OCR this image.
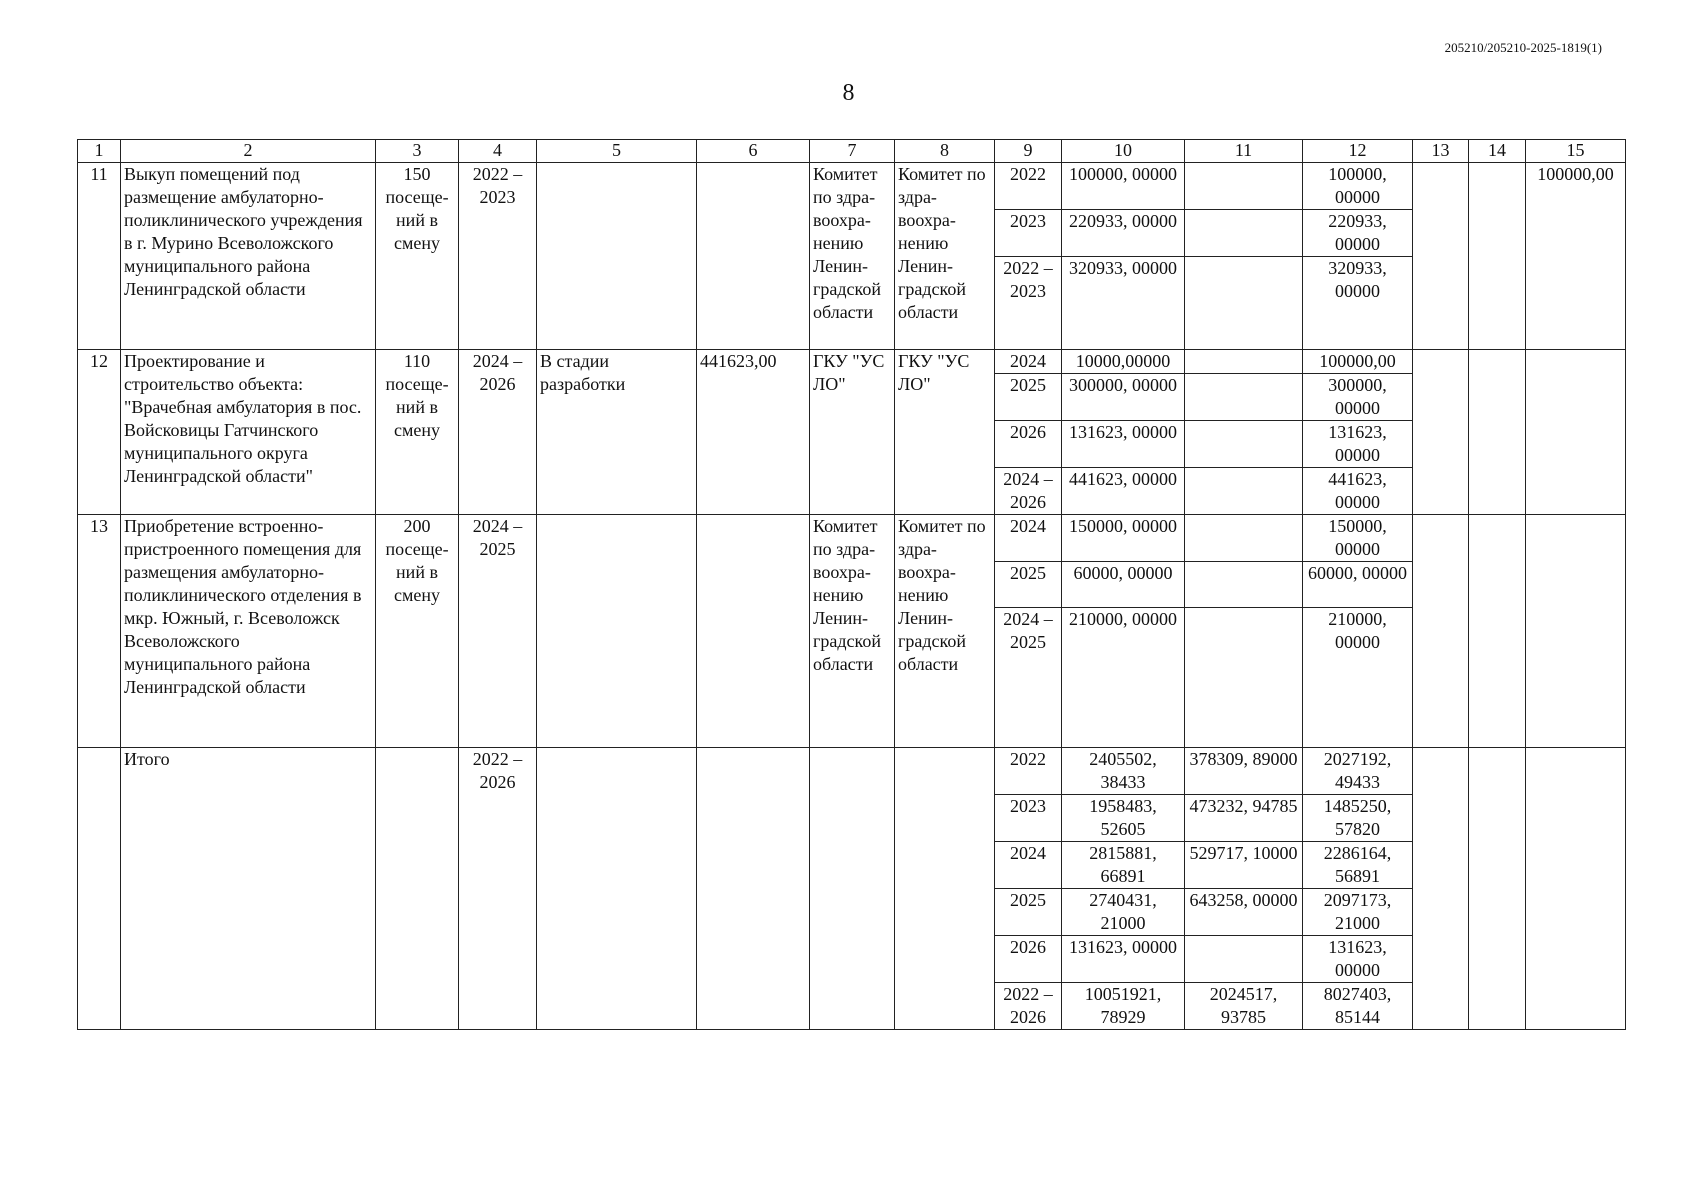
205210/205210-2025-1819(1)
8
1	2	3	4	5	6	7	8	9	10	11	12	13	14	15
11	Выкуп помещений под размещение амбулаторно-поликлинического учреждения в г. Мурино Всеволожского муниципального района Ленинградской области	150 посеще-ний в смену	2022 – 2023			Комитет по здра-воохра-нению Ленин-градской области	Комитет по здра-воохра-нению Ленин-градской области	2022	100000, 00000		100000, 00000			100000,00
								2023	220933, 00000		220933, 00000			
								2022 – 2023	320933, 00000		320933, 00000			
12	Проектирование и строительство объекта: "Врачебная амбулатория в пос. Войсковицы Гатчинского муниципального округа Ленинградской области"	110 посеще-ний в смену	2024 – 2026	В стадии разработки	441623,00	ГКУ "УС ЛО"	ГКУ "УС ЛО"	2024	10000,00000		100000,00			
								2025	300000, 00000		300000, 00000			
								2026	131623, 00000		131623, 00000			
								2024 – 2026	441623, 00000		441623, 00000			
13	Приобретение встроенно-пристроенного помещения для размещения амбулаторно-поликлинического отделения в мкр. Южный, г. Всеволожск Всеволожского муниципального района Ленинградской области	200 посеще-ний в смену	2024 – 2025			Комитет по здра-воохра-нению Ленин-градской области	Комитет по здра-воохра-нению Ленин-градской области	2024	150000, 00000		150000, 00000			
								2025	60000, 00000		60000, 00000			
								2024 – 2025	210000, 00000		210000, 00000			
	Итого		2022 – 2026					2022	2405502, 38433	378309, 89000	2027192, 49433			
								2023	1958483, 52605	473232, 94785	1485250, 57820			
								2024	2815881, 66891	529717, 10000	2286164, 56891			
								2025	2740431, 21000	643258, 00000	2097173, 21000			
								2026	131623, 00000		131623, 00000			
								2022 – 2026	10051921, 78929	2024517, 93785	8027403, 85144			
